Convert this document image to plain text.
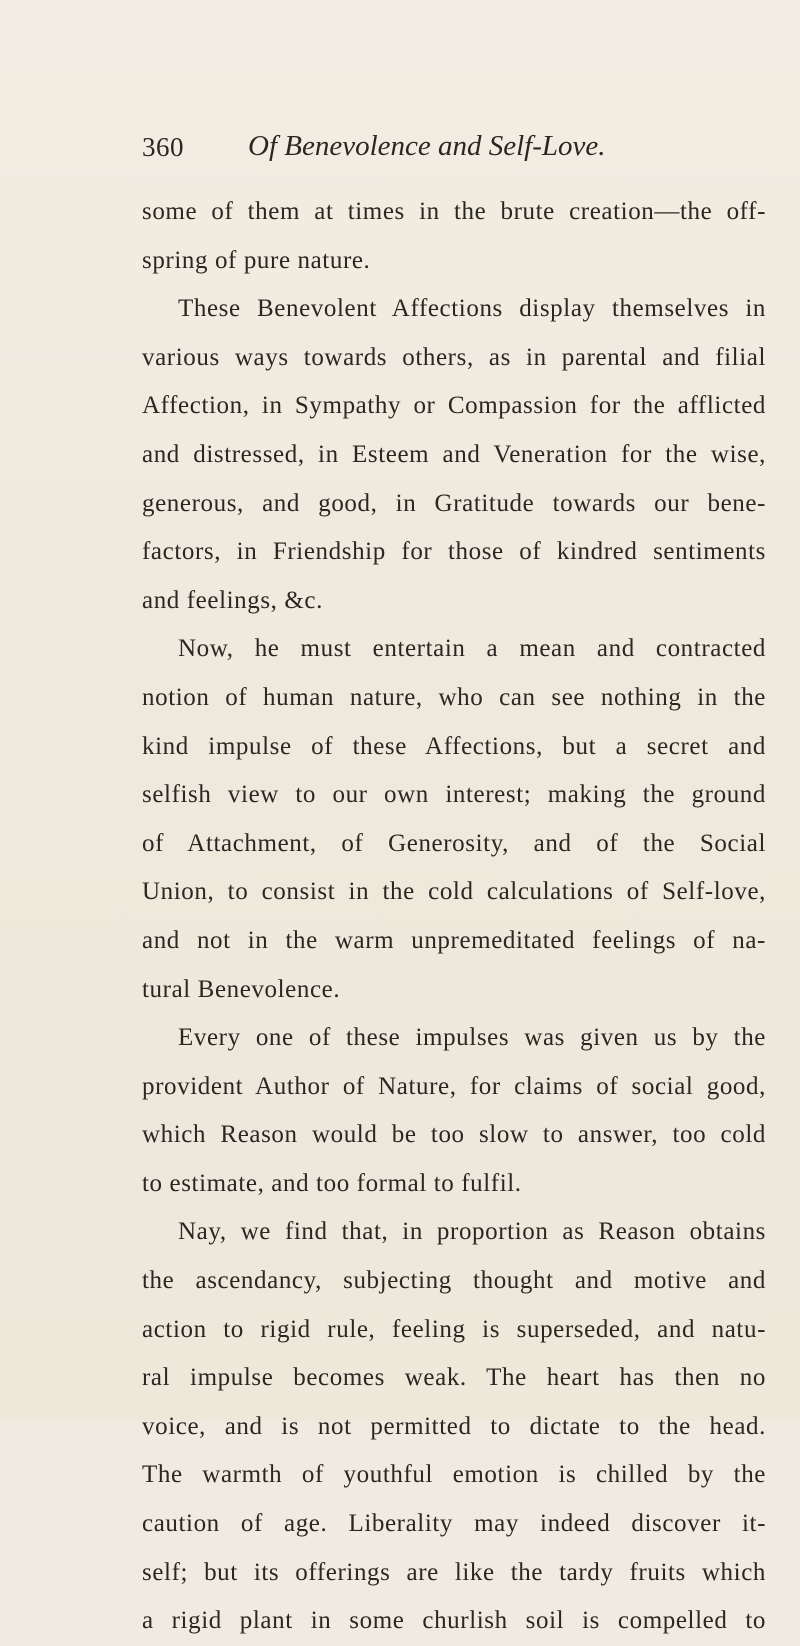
360 Of Benevolence and Self-Love.
some of them at times in the brute creation—the off-
spring of pure nature.
These Benevolent Affections display themselves in
various ways towards others, as in parental and filial
Affection, in Sympathy or Compassion for the afflicted
and distressed, in Esteem and Veneration for the wise,
generous, and good, in Gratitude towards our bene-
factors, in Friendship for those of kindred sentiments
and feelings, &c.
Now, he must entertain a mean and contracted
notion of human nature, who can see nothing in the
kind impulse of these Affections, but a secret and
selfish view to our own interest; making the ground
of Attachment, of Generosity, and of the Social
Union, to consist in the cold calculations of Self-love,
and not in the warm unpremeditated feelings of na-
tural Benevolence.
Every one of these impulses was given us by the
provident Author of Nature, for claims of social good,
which Reason would be too slow to answer, too cold
to estimate, and too formal to fulfil.
Nay, we find that, in proportion as Reason obtains
the ascendancy, subjecting thought and motive and
action to rigid rule, feeling is superseded, and natu-
ral impulse becomes weak. The heart has then no
voice, and is not permitted to dictate to the head.
The warmth of youthful emotion is chilled by the
caution of age. Liberality may indeed discover it-
self; but its offerings are like the tardy fruits which
a rigid plant in some churlish soil is compelled to
